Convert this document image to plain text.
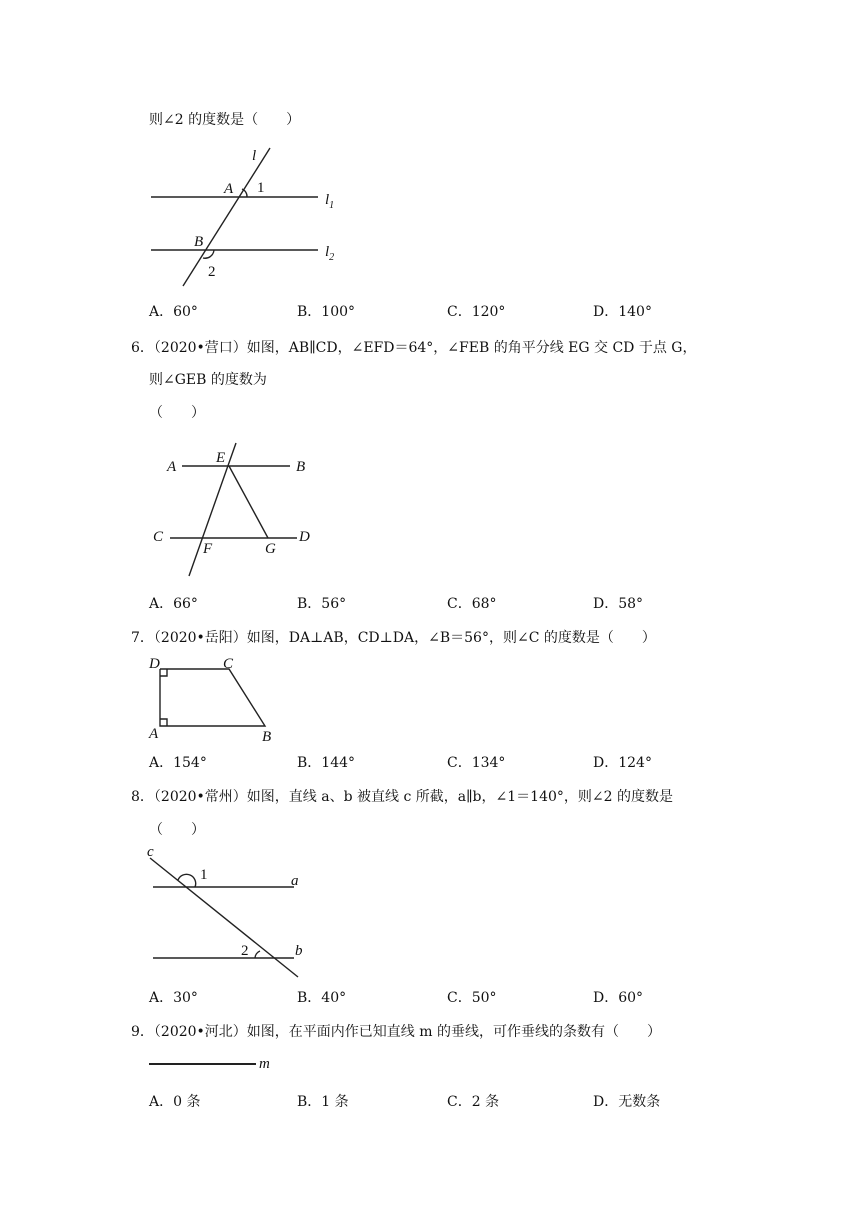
则∠2 的度数是（　　）
l
A 1
$l_1$
B
$l_2$
2
A．60°	B．100°	C．120°	D．140°
6．（2020•营口）如图，AB∥CD，∠EFD＝64°，∠FEB 的角平分线 EG 交 CD 于点 G，
则∠GEB 的度数为
（　　）
A
E
B
C
F	G
D
A．66°	B．56°	C．68°	D．58°
7．（2020•岳阳）如图，DA⊥AB，CD⊥DA，∠B＝56°，则∠C 的度数是（　　）
D	C
A	B
A．154°	B．144°	C．134°	D．124°
8．（2020•常州）如图，直线 a、b 被直线 c 所截，a∥b，∠1＝140°，则∠2 的度数是
（　　）
c
1	a
2	b
A．30°	B．40°	C．50°	D．60°
9．（2020•河北）如图，在平面内作已知直线 m 的垂线，可作垂线的条数有（　　）
m
A．0 条	B．1 条	C．2 条	D．无数条
